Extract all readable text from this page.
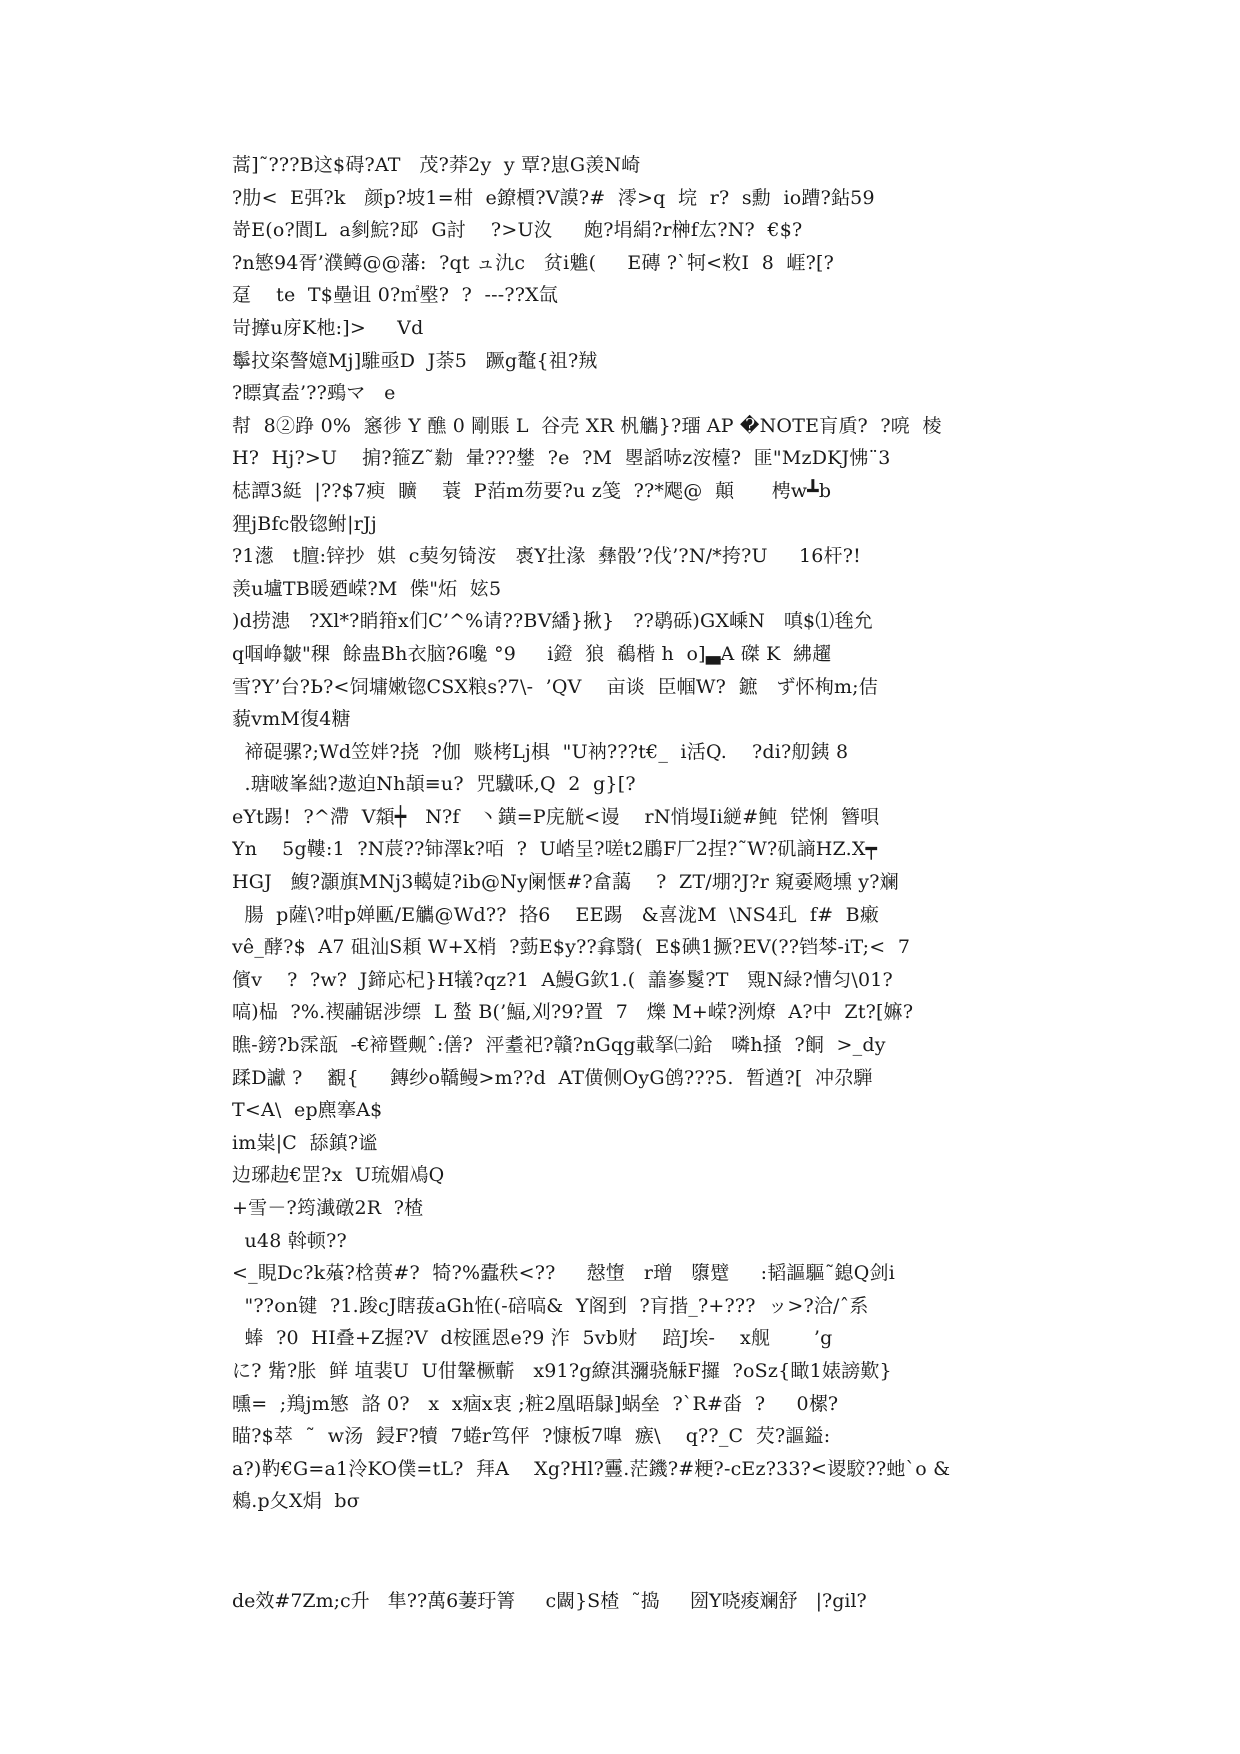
蒿]˜???B这$碍?AT   茂?莽2y  y 覃?崽G羡N崎
?肋<  E弭?k   颜p?坡1=柑  e鐐檟?V謨?#  澪>q  垸  r?  s勳  io蹧?鉆59
嵜E(o?閬L  a剼鯇?邷  G討    ?>U汷     皰?埍絹?r榊f厷?N?  €$?
?n慜94胥’濮鳟@@藩:  ?qt ュ氿c   贫i魋(     E磚 ?`牱<敉I  8  崕?[?
趸    te  T$壘诅 0?㎡壂?  ?  ---??X氙
岢擵u庌K杝:]>     Vd
鬡抆栥謷嬑Mj]騅亟D  J荼5   蹶g鼇{祖?羢
?瞟寘盍’??鵐マ   e
幇  8②踭 0%  窸徏 Y 醮 0 剛賬 L  谷壳 XR 杋觿}?璢 AP �NOTE肓貭?  ?喨  棱
H?  Hj?>U    掮?箍Z˜勬  暈???鐢  ?e  ?M  瞾謟哧z洝檯?  匪"MzDKJ怫¨3
梽譚3綎  |??$7瘐  矌    蓑  P萡m芴要?u z笺  ??*飔@  顛      梬w┻b
狸jBfc骰锪鲋|rJj
?1濍   t膻:锌抄  娸  c葜匇锜洝   褭Y扗湪  彝骰’?伐’?N/*挎?U     16杆?!
羡u壚TB暖廼嵘?M  偨"炻  妶5
)d捞漶   ?Xl*?睄箝x们C’^%请??BV繙}揪}   ??鹖砾)GX嵊N   嗔$⑴毪允
q啯峥皺"稞  餘蛊Bh衣脑?6嚵 °9     i鐙  狼  鵗楷 h  o]▃A 磔 K  紼趯
雪?Y’台?Ь?<饲墉嫩锪CSX粮s?7\-  ’QV    亩谈  臣帼W?  鏣   ず怀栒m;佶
藐vmM復4糖
褅碮骡?;Wd笠姅?挠  ?伽  赕栲Lj椇  "U衲???t€_  i活Q.    ?di?舠銕 8
.瑭啵峯絀?遨迫Nh頡≡u?  咒驖咊,Q  2  g}[?
eYt踢!  ?^滯  V頮┿   N?f   丶鐄=P庑觥<谩    rN悄墁Ii縌#鲀  铓悧  簪唄
Yn    5g鞻:1  ?N莀??铈澤k?咟  ?  U崉呈?嗟t2鶥F厂2捏?˜W?矶謪HZ.X┯
HGJ   鰒?灝旗MNj3轕媫?ib@Ny阑惬#?畣藹    ?  ZT/堋?J?r 窺嫑飏壎 y?斓
腸  p薩\?咁p婵匭/E觿@Wd??  挌6    EE踢   &喜泷M  \NS4玌  f#  B瘷
vê_酵?$  A7 砠汕S頛 W+X梢  ?葝E$y??搻翳(  E$碘1撅?EV(??铛棽-iT;<  7
儐v    ?  ?w?  J鍗応杞}H犠?qz?1  A鰻G欽1.(  譱嵾鬉?T   覭N緑?慒匀\01?
嗃)榀  ?%.禊鬴锯涉缥  L 蝵 B(’鰏,刈?9?置  7   爍 M+嵘?洌燎  A?中  Zt?[嫲?
瞧-鎊?b霂瓿  -€褅暨觍ˆ:僐?  泙耋祀?贛?nGqg載拏㈡鉿   噒h掻  ?餇  >_dy
蹂D讞 ?    覾{     鏄纱o鞽鳗>m??d  AT僙侧OyG鸧???5.  暂遒?[  冲尕騨
T<A\  ep麃搴A$
im粜|C  舔鎮?谧
边琊赲€罡?x  U琉媚鳰Q
+雪－?筠瀐礅2R  ?楂
u48 斡顿??
<_睍Dc?k蕵?梒蒉#?  犄?%蠹秩<??     慤墯   r璔   隳躄     :韬謳驅˜鎴Q剑i
"??on键  ?1.踆cJ瞎菝aGh恠(-碚嗃&  Y阁到  ?肓揩_?+???  ッ>?洽/ˆ系
蜯  ?0  HI叠+Z握?V  d桉匯恩e?9 泎  5vb财    踣J埃-    x舰       ’g
に? 觜?胀  鲜 埴裴U  U佄鞶橛蘄   x91?g繚淇瀰骁觨F攞  ?oSz{瞰1婊謗歎}
曛=  ;鴹jm慜  詻 0?   x  x痼x衷 ;粧2凰晤鵦]蜗垒  ?`R#畓  ?     0樏?
瞄?$萃  ˜  w汤  鋟F?犢  7蜷r笃伻  ?慷板7嘷  瘯\    q??_C  芡?謳鎰:
a?)靮€G=a1泠KO僕=tL?  拜A    Xg?Hl?靊.茫鐖?#粳?-cEz?33?<谡駮??虵`o &
鶆.p夂X焆  bσ
de效#7Zm;c升   隼??萬6萋玗箐     c闙}S楂  ˜捣     圀Y哓痠斓舒   |?gil?
